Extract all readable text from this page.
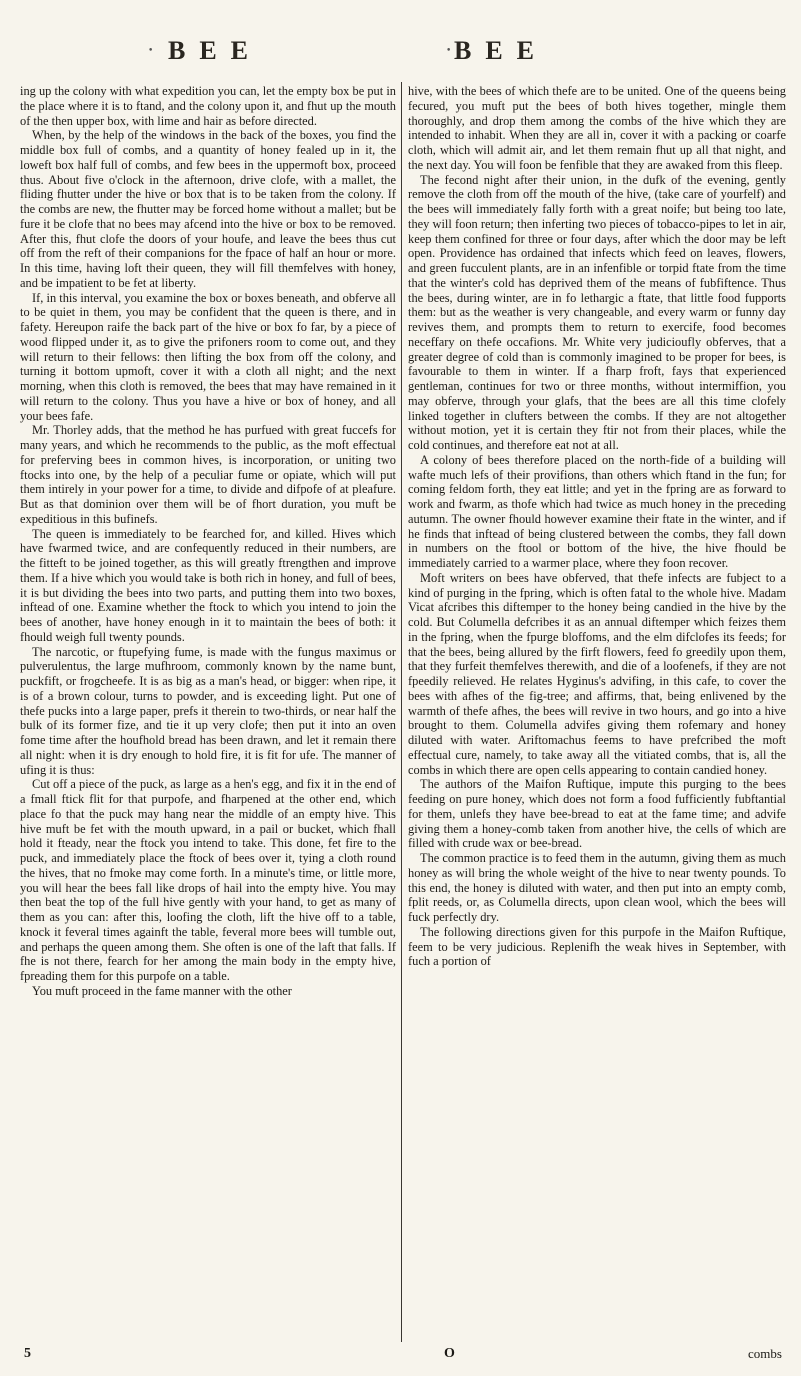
• BEE	• BEE

ing up the colony with what expedition you can, let the empty box be put in the place where it is to ftand, and the colony upon it, and fhut up the mouth of the then upper box, with lime and hair as before directed.

When, by the help of the windows in the back of the boxes, you find the middle box full of combs, and a quantity of honey fealed up in it, the loweft box half full of combs, and few bees in the uppermoft box, proceed thus. About five o'clock in the afternoon, drive clofe, with a mallet, the fliding fhutter under the hive or box that is to be taken from the colony. If the combs are new, the fhutter may be forced home without a mallet; but be fure it be clofe that no bees may afcend into the hive or box to be removed. After this, fhut clofe the doors of your houfe, and leave the bees thus cut off from the reft of their companions for the fpace of half an hour or more. In this time, having loft their queen, they will fill themfelves with honey, and be impatient to be fet at liberty.

If, in this interval, you examine the box or boxes beneath, and obferve all to be quiet in them, you may be confident that the queen is there, and in fafety. Hereupon raife the back part of the hive or box fo far, by a piece of wood flipped under it, as to give the prifoners room to come out, and they will return to their fellows: then lifting the box from off the colony, and turning it bottom upmoft, cover it with a cloth all night; and the next morning, when this cloth is removed, the bees that may have remained in it will return to the colony. Thus you have a hive or box of honey, and all your bees fafe.

Mr. Thorley adds, that the method he has purfued with great fuccefs for many years, and which he recommends to the public, as the moft effectual for preferving bees in common hives, is incorporation, or uniting two ftocks into one, by the help of a peculiar fume or opiate, which will put them intirely in your power for a time, to divide and difpofe of at pleafure. But as that dominion over them will be of fhort duration, you muft be expeditious in this bufinefs.

The queen is immediately to be fearched for, and killed. Hives which have fwarmed twice, and are confequently reduced in their numbers, are the fitteft to be joined together, as this will greatly ftrengthen and improve them. If a hive which you would take is both rich in honey, and full of bees, it is but dividing the bees into two parts, and putting them into two boxes, inftead of one. Examine whether the ftock to which you intend to join the bees of another, have honey enough in it to maintain the bees of both: it fhould weigh full twenty pounds.

The narcotic, or ftupefying fume, is made with the fungus maximus or pulverulentus, the large mufhroom, commonly known by the name bunt, puckfift, or frogcheefe. It is as big as a man's head, or bigger: when ripe, it is of a brown colour, turns to powder, and is exceeding light. Put one of thefe pucks into a large paper, prefs it therein to two-thirds, or near half the bulk of its former fize, and tie it up very clofe; then put it into an oven fome time after the houfhold bread has been drawn, and let it remain there all night: when it is dry enough to hold fire, it is fit for ufe. The manner of ufing it is thus:

Cut off a piece of the puck, as large as a hen's egg, and fix it in the end of a fmall ftick flit for that purpofe, and fharpened at the other end, which place fo that the puck may hang near the middle of an empty hive. This hive muft be fet with the mouth upward, in a pail or bucket, which fhall hold it fteady, near the ftock you intend to take. This done, fet fire to the puck, and immediately place the ftock of bees over it, tying a cloth round the hives, that no fmoke may come forth. In a minute's time, or little more, you will hear the bees fall like drops of hail into the empty hive. You may then beat the top of the full hive gently with your hand, to get as many of them as you can: after this, loofing the cloth, lift the hive off to a table, knock it feveral times againft the table, feveral more bees will tumble out, and perhaps the queen among them. She often is one of the laft that falls. If fhe is not there, fearch for her among the main body in the empty hive, fpreading them for this purpofe on a table.

You muft proceed in the fame manner with the other

hive, with the bees of which thefe are to be united. One of the queens being fecured, you muft put the bees of both hives together, mingle them thoroughly, and drop them among the combs of the hive which they are intended to inhabit. When they are all in, cover it with a packing or coarfe cloth, which will admit air, and let them remain fhut up all that night, and the next day. You will foon be fenfible that they are awaked from this fleep.

The fecond night after their union, in the dufk of the evening, gently remove the cloth from off the mouth of the hive, (take care of yourfelf) and the bees will immediately fally forth with a great noife; but being too late, they will foon return; then inferting two pieces of tobacco-pipes to let in air, keep them confined for three or four days, after which the door may be left open. Providence has ordained that infects which feed on leaves, flowers, and green fucculent plants, are in an infenfible or torpid ftate from the time that the winter's cold has deprived them of the means of fubfiftence. Thus the bees, during winter, are in fo lethargic a ftate, that little food fupports them: but as the weather is very changeable, and every warm or funny day revives them, and prompts them to return to exercife, food becomes neceffary on thefe occafions. Mr. White very judicioufly obferves, that a greater degree of cold than is commonly imagined to be proper for bees, is favourable to them in winter. If a fharp froft, fays that experienced gentleman, continues for two or three months, without intermiffion, you may obferve, through your glafs, that the bees are all this time clofely linked together in clufters between the combs. If they are not altogether without motion, yet it is certain they ftir not from their places, while the cold continues, and therefore eat not at all.

A colony of bees therefore placed on the north-fide of a building will wafte much lefs of their provifions, than others which ftand in the fun; for coming feldom forth, they eat little; and yet in the fpring are as forward to work and fwarm, as thofe which had twice as much honey in the preceding autumn. The owner fhould however examine their ftate in the winter, and if he finds that inftead of being clustered between the combs, they fall down in numbers on the ftool or bottom of the hive, the hive fhould be immediately carried to a warmer place, where they foon recover.

Moft writers on bees have obferved, that thefe infects are fubject to a kind of purging in the fpring, which is often fatal to the whole hive. Madam Vicat afcribes this diftemper to the honey being candied in the hive by the cold. But Columella defcribes it as an annual diftemper which feizes them in the fpring, when the fpurge bloffoms, and the elm difclofes its feeds; for that the bees, being allured by the firft flowers, feed fo greedily upon them, that they furfeit themfelves therewith, and die of a loofenefs, if they are not fpeedily relieved. He relates Hyginus's advifing, in this cafe, to cover the bees with afhes of the fig-tree; and affirms, that, being enlivened by the warmth of thefe afhes, the bees will revive in two hours, and go into a hive brought to them. Columella advifes giving them rofemary and honey diluted with water. Ariftomachus feems to have prefcribed the moft effectual cure, namely, to take away all the vitiated combs, that is, all the combs in which there are open cells appearing to contain candied honey.

The authors of the Maifon Ruftique, impute this purging to the bees feeding on pure honey, which does not form a food fufficiently fubftantial for them, unlefs they have bee-bread to eat at the fame time; and advife giving them a honey-comb taken from another hive, the cells of which are filled with crude wax or bee-bread.

The common practice is to feed them in the autumn, giving them as much honey as will bring the whole weight of the hive to near twenty pounds. To this end, the honey is diluted with water, and then put into an empty comb, fplit reeds, or, as Columella directs, upon clean wool, which the bees will fuck perfectly dry.

The following directions given for this purpofe in the Maifon Ruftique, feem to be very judicious. Replenifh the weak hives in September, with fuch a portion of

5	O	combs
